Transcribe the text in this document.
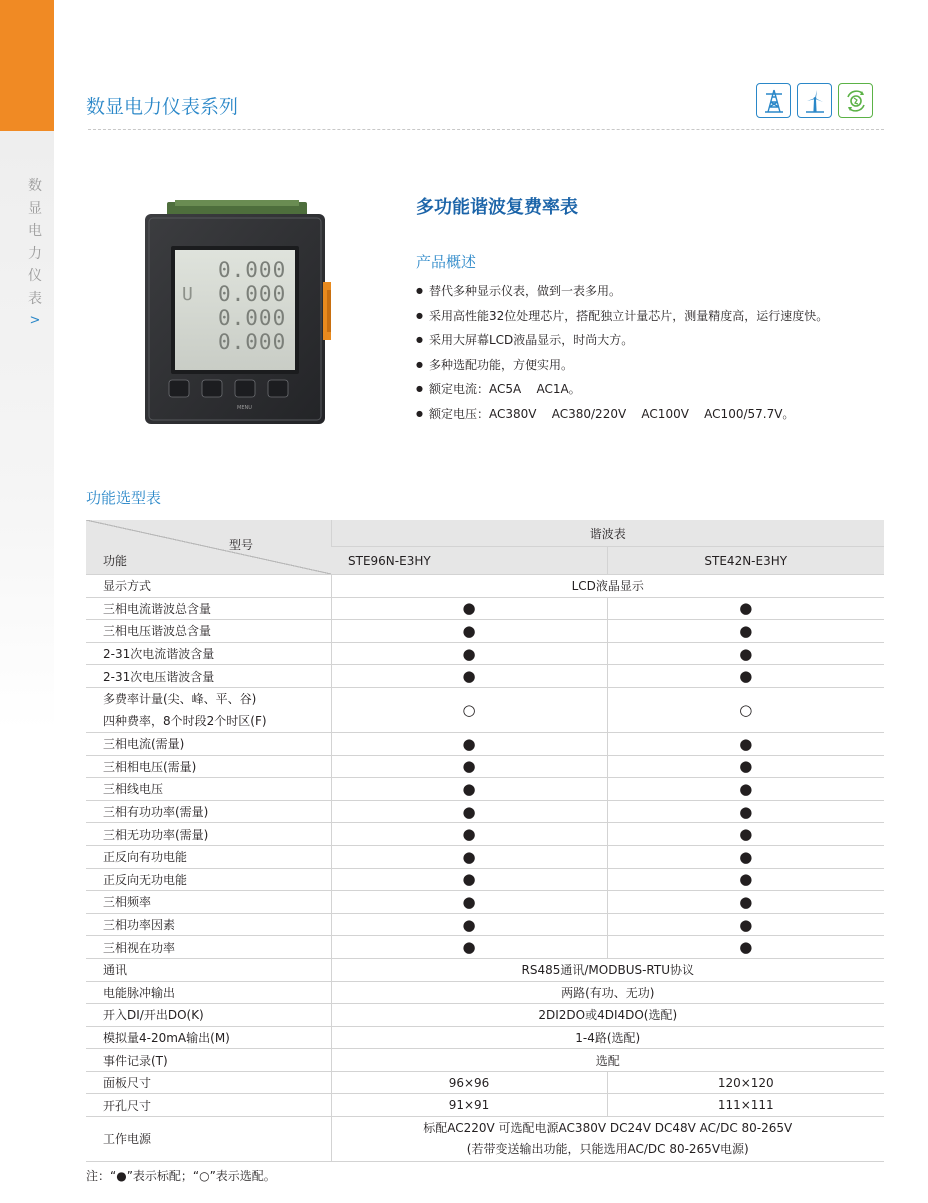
数
显
电
力
仪
表
>
数显电力仪表系列
U
0.000
0.000
0.000
0.000
MENU
多功能谐波复费率表
产品概述
● 替代多种显示仪表，做到一表多用。
● 采用高性能32位处理芯片，搭配独立计量芯片，测量精度高，运行速度快。
● 采用大屏幕LCD液晶显示，时尚大方。
● 多种选配功能，方便实用。
● 额定电流：AC5A    AC1A。
● 额定电压：AC380V    AC380/220V    AC100V    AC100/57.7V。
功能选型表
型号
功能	谐波表	
	STE96N-E3HY	STE42N-E3HY
显示方式	LCD液晶显示	
三相电流谐波总含量	●	●
三相电压谐波总含量	●	●
2-31次电流谐波含量	●	●
2-31次电压谐波含量	●	●
多费率计量(尖、峰、平、谷)
四种费率，8个时段2个时区(F)	○	○
三相电流(需量)	●	●
三相相电压(需量)	●	●
三相线电压	●	●
三相有功功率(需量)	●	●
三相无功功率(需量)	●	●
正反向有功电能	●	●
正反向无功电能	●	●
三相频率	●	●
三相功率因素	●	●
三相视在功率	●	●
通讯	RS485通讯/MODBUS-RTU协议	
电能脉冲输出	两路(有功、无功)	
开入DI/开出DO(K)	2DI2DO或4DI4DO(选配)	
模拟量4-20mA输出(M)	1-4路(选配)	
事件记录(T)	选配	
面板尺寸	96×96	120×120
开孔尺寸	91×91	111×111
工作电源	标配AC220V 可选配电源AC380V DC24V DC48V AC/DC 80-265V
(若带变送输出功能，只能选用AC/DC 80-265V电源)	
注：“●”表示标配；“○”表示选配。
